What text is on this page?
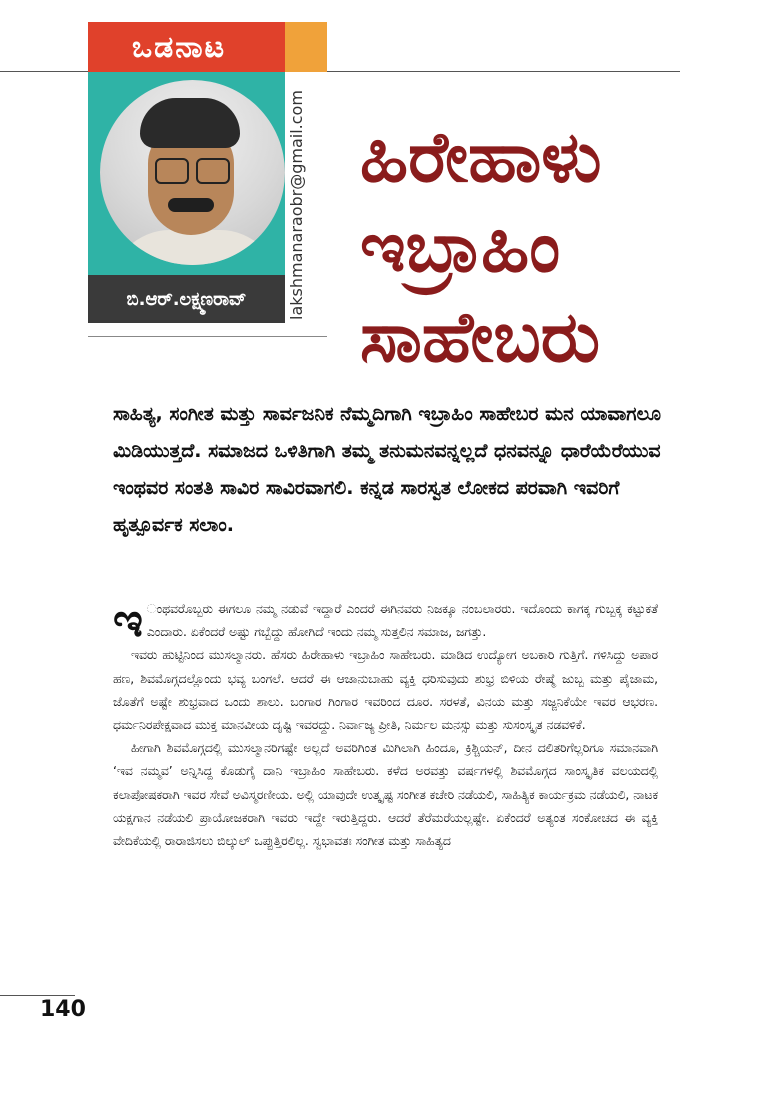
ಒಡನಾಟ
ಬಿ.ಆರ್.ಲಕ್ಷ್ಮಣರಾವ್	lakshmanaraobr@gmail.com ಹಿರೇಹಾಳು
ಇಬ್ರಾಹಿಂ
ಸಾಹೇಬರು
ಸಾಹಿತ್ಯ, ಸಂಗೀತ ಮತ್ತು ಸಾರ್ವಜನಿಕ ನೆಮ್ಮದಿಗಾಗಿ ಇಬ್ರಾಹಿಂ ಸಾಹೇಬರ ಮನ ಯಾವಾಗಲೂ ಮಿಡಿಯುತ್ತದೆ. ಸಮಾಜದ ಒಳಿತಿಗಾಗಿ ತಮ್ಮ ತನುಮನವನ್ನಲ್ಲದೆ ಧನವನ್ನೂ ಧಾರೆಯೆರೆಯುವ ಇಂಥವರ ಸಂತತಿ ಸಾವಿರ ಸಾವಿರವಾಗಲಿ. ಕನ್ನಡ ಸಾರಸ್ವತ ಲೋಕದ ಪರವಾಗಿ ಇವರಿಗೆ ಹೃತ್ಪೂರ್ವಕ ಸಲಾಂ.

ಇ ಂಥವರೊಬ್ಬರು ಈಗಲೂ ನಮ್ಮ ನಡುವೆ ಇದ್ದಾರೆ ಎಂದರೆ ಈಗಿನವರು ನಿಜಕ್ಕೂ ನಂಬಲಾರರು. ಇದೊಂದು ಕಾಗಕ್ಕ ಗುಬ್ಬಕ್ಕ ಕಟ್ಟುಕತೆ ಎಂದಾರು. ಏಕೆಂದರೆ ಅಷ್ಟು ಗಬ್ಬೆದ್ದು ಹೋಗಿದೆ ಇಂದು ನಮ್ಮ ಸುತ್ತಲಿನ ಸಮಾಜ, ಜಗತ್ತು.

ಇವರು ಹುಟ್ಟಿನಿಂದ ಮುಸಲ್ಮಾನರು. ಹೆಸರು ಹಿರೇಹಾಳು ಇಬ್ರಾಹಿಂ ಸಾಹೇಬರು. ಮಾಡಿದ ಉದ್ಯೋಗ ಅಬಕಾರಿ ಗುತ್ತಿಗೆ. ಗಳಿಸಿದ್ದು ಅಪಾರ ಹಣ, ಶಿವಮೊಗ್ಗದಲ್ಲೊಂದು ಭವ್ಯ ಬಂಗಲೆ. ಆದರೆ ಈ ಆಜಾನುಬಾಹು ವ್ಯಕ್ತಿ ಧರಿಸುವುದು ಶುಭ್ರ ಬಿಳಿಯ ರೇಷ್ಮೆ ಜುಬ್ಬ ಮತ್ತು ಪೈಜಾಮ, ಜೊತೆಗೆ ಅಷ್ಟೇ ಶುಭ್ರವಾದ ಒಂದು ಶಾಲು. ಬಂಗಾರ ಗಿಂಗಾರ ಇವರಿಂದ ದೂರ. ಸರಳತೆ, ವಿನಯ ಮತ್ತು ಸಜ್ಜನಿಕೆಯೇ ಇವರ ಆಭರಣ. ಧರ್ಮನಿರಪೇಕ್ಷವಾದ ಮುಕ್ತ ಮಾನವೀಯ ದೃಷ್ಟಿ ಇವರದ್ದು. ನಿರ್ವಾಜ್ಯ ಪ್ರೀತಿ, ನಿರ್ಮಲ ಮನಸ್ಸು ಮತ್ತು ಸುಸಂಸ್ಕೃತ ನಡವಳಿಕೆ.

ಹೀಗಾಗಿ ಶಿವಮೊಗ್ಗದಲ್ಲಿ ಮುಸಲ್ಮಾನರಿಗಷ್ಟೇ ಅಲ್ಲದೆ ಅವರಿಗಿಂತ ಮಿಗಿಲಾಗಿ ಹಿಂದೂ, ಕ್ರಿಶ್ಚಿಯನ್, ದೀನ ದಲಿತರಿಗೆಲ್ಲರಿಗೂ ಸಮಾನವಾಗಿ ‘ಇವ ನಮ್ಮವ’ ಅನ್ನಿಸಿದ್ದ ಕೊಡುಗೈ ದಾನಿ ಇಬ್ರಾಹಿಂ ಸಾಹೇಬರು. ಕಳೆದ ಅರವತ್ತು ವರ್ಷಗಳಲ್ಲಿ ಶಿವಮೊಗ್ಗದ ಸಾಂಸ್ಕೃತಿಕ ವಲಯದಲ್ಲಿ ಕಲಾಪೋಷಕರಾಗಿ ಇವರ ಸೇವೆ ಅವಿಸ್ಮರಣೀಯ. ಅಲ್ಲಿ ಯಾವುದೇ ಉತ್ಕೃಷ್ಟ ಸಂಗೀತ ಕಚೇರಿ ನಡೆಯಲಿ, ಸಾಹಿತ್ಯಿಕ ಕಾರ್ಯಕ್ರಮ ನಡೆಯಲಿ, ನಾಟಕ ಯಕ್ಷಗಾನ ನಡೆಯಲಿ ಪ್ರಾಯೋಜಕರಾಗಿ ಇವರು ಇದ್ದೇ ಇರುತ್ತಿದ್ದರು. ಆದರೆ ತೆರೆಮರೆಯಲ್ಲಷ್ಟೇ. ಏಕೆಂದರೆ ಅತ್ಯಂತ ಸಂಕೋಚದ ಈ ವ್ಯಕ್ತಿ ವೇದಿಕೆಯಲ್ಲಿ ರಾರಾಜಿಸಲು ಬಿಲ್ಕುಲ್ ಒಪ್ಪುತ್ತಿರಲಿಲ್ಲ. ಸ್ವಭಾವತಃ ಸಂಗೀತ ಮತ್ತು ಸಾಹಿತ್ಯದ

140
